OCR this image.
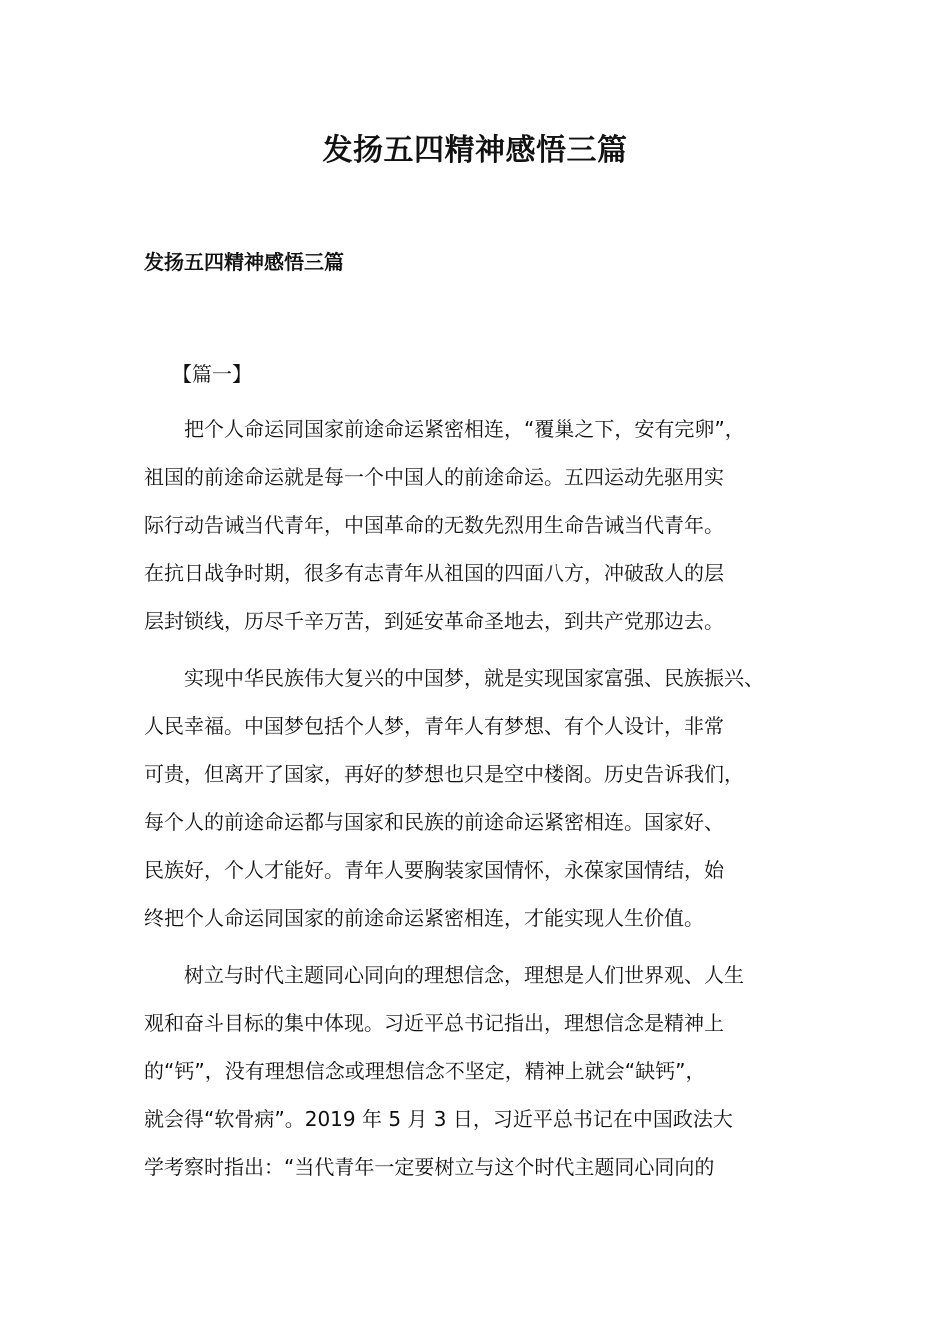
发扬五四精神感悟三篇
发扬五四精神感悟三篇
【篇一】
　　把个人命运同国家前途命运紧密相连，“覆巢之下，安有完卵”，
祖国的前途命运就是每一个中国人的前途命运。五四运动先驱用实
际行动告诫当代青年，中国革命的无数先烈用生命告诫当代青年。
在抗日战争时期，很多有志青年从祖国的四面八方，冲破敌人的层
层封锁线，历尽千辛万苦，到延安革命圣地去，到共产党那边去。
　　实现中华民族伟大复兴的中国梦，就是实现国家富强、民族振兴、
人民幸福。中国梦包括个人梦，青年人有梦想、有个人设计，非常
可贵，但离开了国家，再好的梦想也只是空中楼阁。历史告诉我们，
每个人的前途命运都与国家和民族的前途命运紧密相连。国家好、
民族好，个人才能好。青年人要胸装家国情怀，永葆家国情结，始
终把个人命运同国家的前途命运紧密相连，才能实现人生价值。
　　树立与时代主题同心同向的理想信念，理想是人们世界观、人生
观和奋斗目标的集中体现。习近平总书记指出，理想信念是精神上
的“钙”，没有理想信念或理想信念不坚定，精神上就会“缺钙”，
就会得“软骨病”。2019 年 5 月 3 日，习近平总书记在中国政法大
学考察时指出：“当代青年一定要树立与这个时代主题同心同向的
